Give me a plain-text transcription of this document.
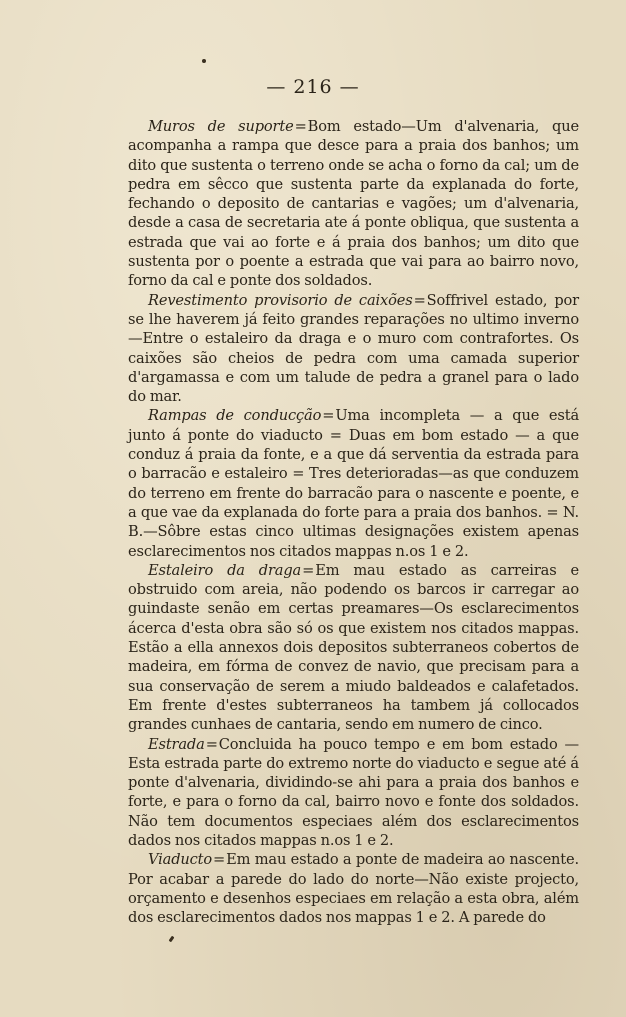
— 216 —

Muros de suporte=Bom estado—Um d'alvenaria, que acompanha a rampa que desce para a praia dos banhos; um dito que sustenta o terreno onde se acha o forno da cal; um de pedra em sêcco que sustenta parte da explanada do forte, fechando o deposito de cantarias e vagões; um d'alvenaria, desde a casa de secretaria ate á ponte obliqua, que sustenta a estrada que vai ao forte e á praia dos banhos; um dito que sustenta por o poente a estrada que vai para ao bairro novo, forno da cal e ponte dos soldados.

Revestimento provisorio de caixões=Soffrivel estado, por se lhe haverem já feito grandes reparações no ultimo inverno—Entre o estaleiro da draga e o muro com contrafortes. Os caixões são cheios de pedra com uma camada superior d'argamassa e com um talude de pedra a granel para o lado do mar.

Rampas de conducção=Uma incompleta — a que está junto á ponte do viaducto = Duas em bom estado — a que conduz á praia da fonte, e a que dá serventia da estrada para o barracão e estaleiro = Tres deterioradas—as que conduzem do terreno em frente do barracão para o nascente e poente, e a que vae da explanada do forte para a praia dos banhos. = N. B.—Sôbre estas cinco ultimas designações existem apenas esclarecimentos nos citados mappas n.os 1 e 2.

Estaleiro da draga=Em mau estado as carreiras e obstruido com areia, não podendo os barcos ir carregar ao guindaste senão em certas preamares—Os esclarecimentos ácerca d'esta obra são só os que existem nos citados mappas. Estão a ella annexos dois depositos subterraneos cobertos de madeira, em fórma de convez de navio, que precisam para a sua conservação de serem a miudo baldeados e calafetados. Em frente d'estes subterraneos ha tambem já collocados grandes cunhaes de cantaria, sendo em numero de cinco.

Estrada=Concluida ha pouco tempo e em bom estado — Esta estrada parte do extremo norte do viaducto e segue até á ponte d'alvenaria, dividindo-se ahi para a praia dos banhos e forte, e para o forno da cal, bairro novo e fonte dos soldados. Não tem documentos especiaes além dos esclarecimentos dados nos citados mappas n.os 1 e 2.

Viaducto=Em mau estado a ponte de madeira ao nascente. Por acabar a parede do lado do norte—Não existe projecto, orçamento e desenhos especiaes em relação a esta obra, além dos esclarecimentos dados nos mappas 1 e 2. A parede do
